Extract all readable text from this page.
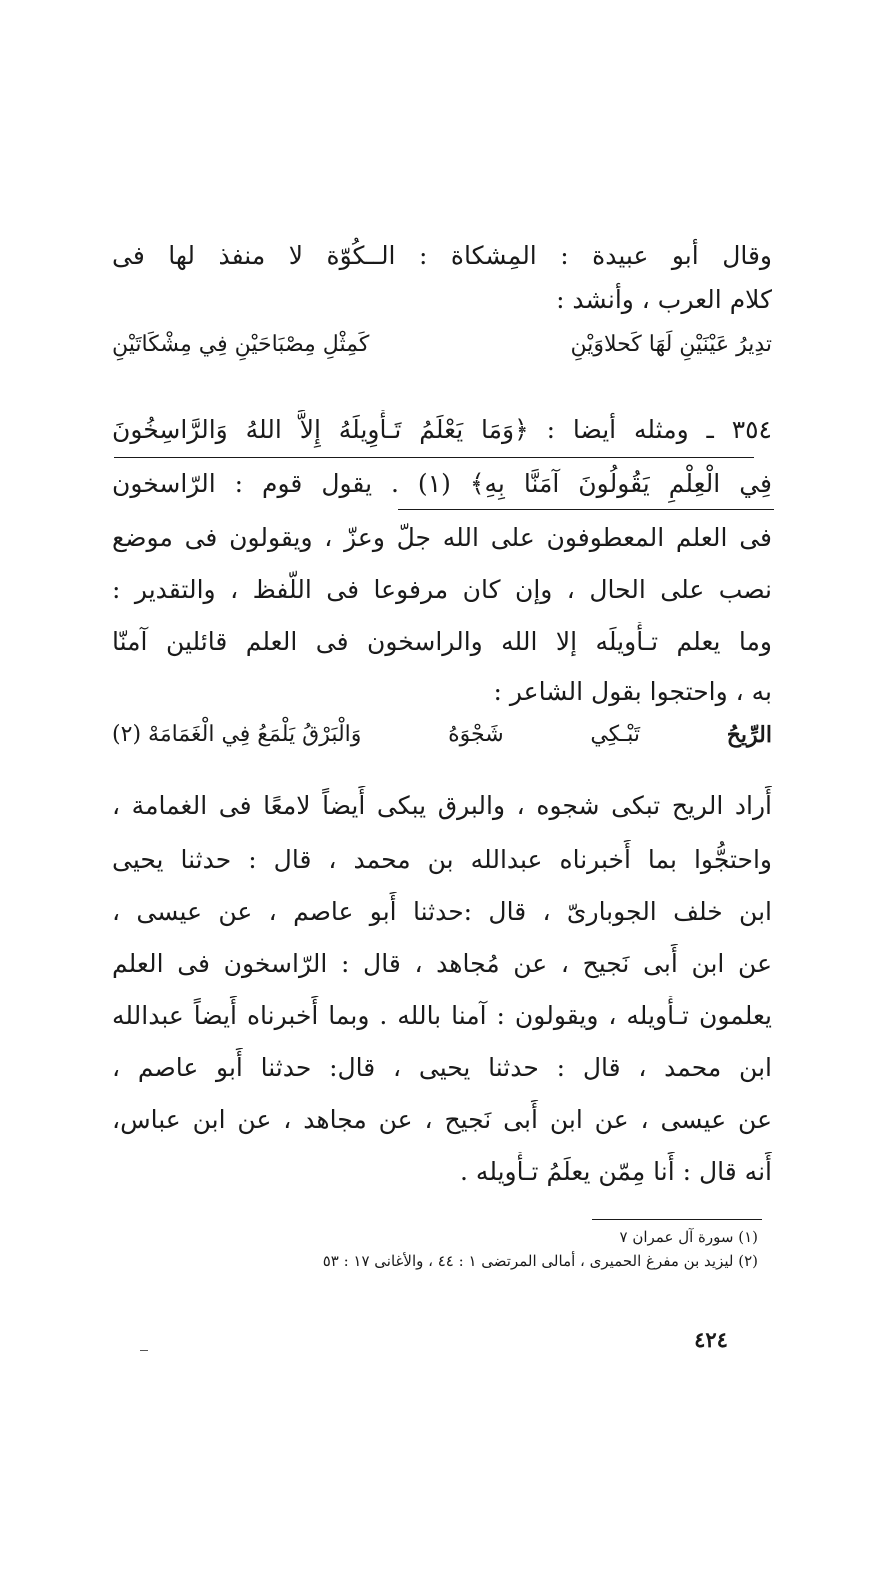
وقال أبو عبيدة : المِشكاة : الــكُوّة لا منفذ لها فى
كلام العرب ، وأنشد :
تدِيرُ عَيْنَيْنِ لَهَا كَحلاوَيْنِ
كَمِثْلِ مِصْبَاحَيْنِ فِي مِشْكَاتَيْنِ
٣٥٤ ـ ومثله أيضا : ﴿وَمَا يَعْلَمُ تَـأْوِيلَهُ إِلاَّ اللهُ وَالرَّاسِخُونَ
فِي الْعِلْمِ يَقُولُونَ آمَنَّا بِهِ﴾ (١) . يقول قوم : الرّاسخون
فى العلم المعطوفون على الله جلّ وعزّ ، ويقولون فى موضع
نصب على الحال ، وإن كان مرفوعا فى اللّفظ ، والتقدير :
وما يعلم تـأْويلَه إلا الله والراسخون فى العلم قائلين آمنّا
به ، واحتجوا بقول الشاعر :
الرِّيحُ
تَبْـكِي
شَجْوَهُ
وَالْبَرْقُ يَلْمَعُ فِي الْغَمَامَهْ (٢)
أَراد الريح تبكى شجوه ، والبرق يبكى أَيضاً لامعًا فى الغمامة ،
واحتجُّوا بما أَخبرناه عبدالله بن محمد ، قال : حدثنا يحيى
ابن خلف الجوبارىّ ، قال :حدثنا أَبو عاصم ، عن عيسى ،
عن ابن أَبى نَجيح ، عن مُجاهد ، قال : الرّاسخون فى العلم
يعلمون تـأْويله ، ويقولون : آمنا بالله . وبما أَخبرناه أَيضاً عبدالله
ابن محمد ، قال : حدثنا يحيى ، قال: حدثنا أَبو عاصم ،
عن عيسى ، عن ابن أَبى نَجيح ، عن مجاهد ، عن ابن عباس،
أَنه قال : أَنا مِمّن يعلَمُ تـأْويله .
(١) سورة آل عمران ٧
(٢) ليزيد بن مفرغ الحميرى ، أمالى المرتضى ١ : ٤٤ ، والأغانى ١٧ : ٥٣
٤٢٤
